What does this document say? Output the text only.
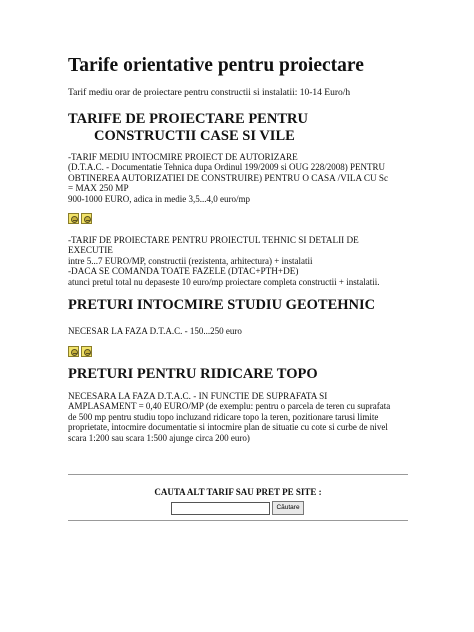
Tarife orientative pentru proiectare

Tarif mediu orar de proiectare pentru constructii si instalatii: 10-14 Euro/h

TARIFE DE PROIECTARE PENTRU
CONSTRUCTII CASE SI VILE

-TARIF MEDIU INTOCMIRE PROIECT DE AUTORIZARE
(D.T.A.C. - Documentatie Tehnica dupa Ordinul 199/2009 si OUG 228/2008) PENTRU
OBTINEREA AUTORIZATIEI DE CONSTRUIRE) PENTRU O CASA /VILA CU Sc
= MAX 250 MP
900-1000 EURO, adica in medie 3,5...4,0 euro/mp

-TARIF DE PROIECTARE PENTRU PROIECTUL TEHNIC SI DETALII DE
EXECUTIE
intre 5...7 EURO/MP, constructii (rezistenta, arhitectura) + instalatii
-DACA SE COMANDA TOATE FAZELE (DTAC+PTH+DE)
atunci pretul total nu depaseste 10 euro/mp proiectare completa constructii + instalatii.

PRETURI INTOCMIRE STUDIU GEOTEHNIC

NECESAR LA FAZA D.T.A.C. - 150...250 euro

PRETURI PENTRU RIDICARE TOPO

NECESARA LA FAZA D.T.A.C. - IN FUNCTIE DE SUPRAFATA SI
AMPLASAMENT = 0,40 EURO/MP (de exemplu: pentru o parcela de teren cu suprafata
de 500 mp pentru studiu topo incluzand ridicare topo la teren, pozitionare tarusi limite
proprietate, intocmire documentatie si intocmire plan de situatie cu cote si curbe de nivel
scara 1:200 sau scara 1:500 ajunge circa 200 euro)

CAUTA ALT TARIF SAU PRET PE SITE :

Căutare
